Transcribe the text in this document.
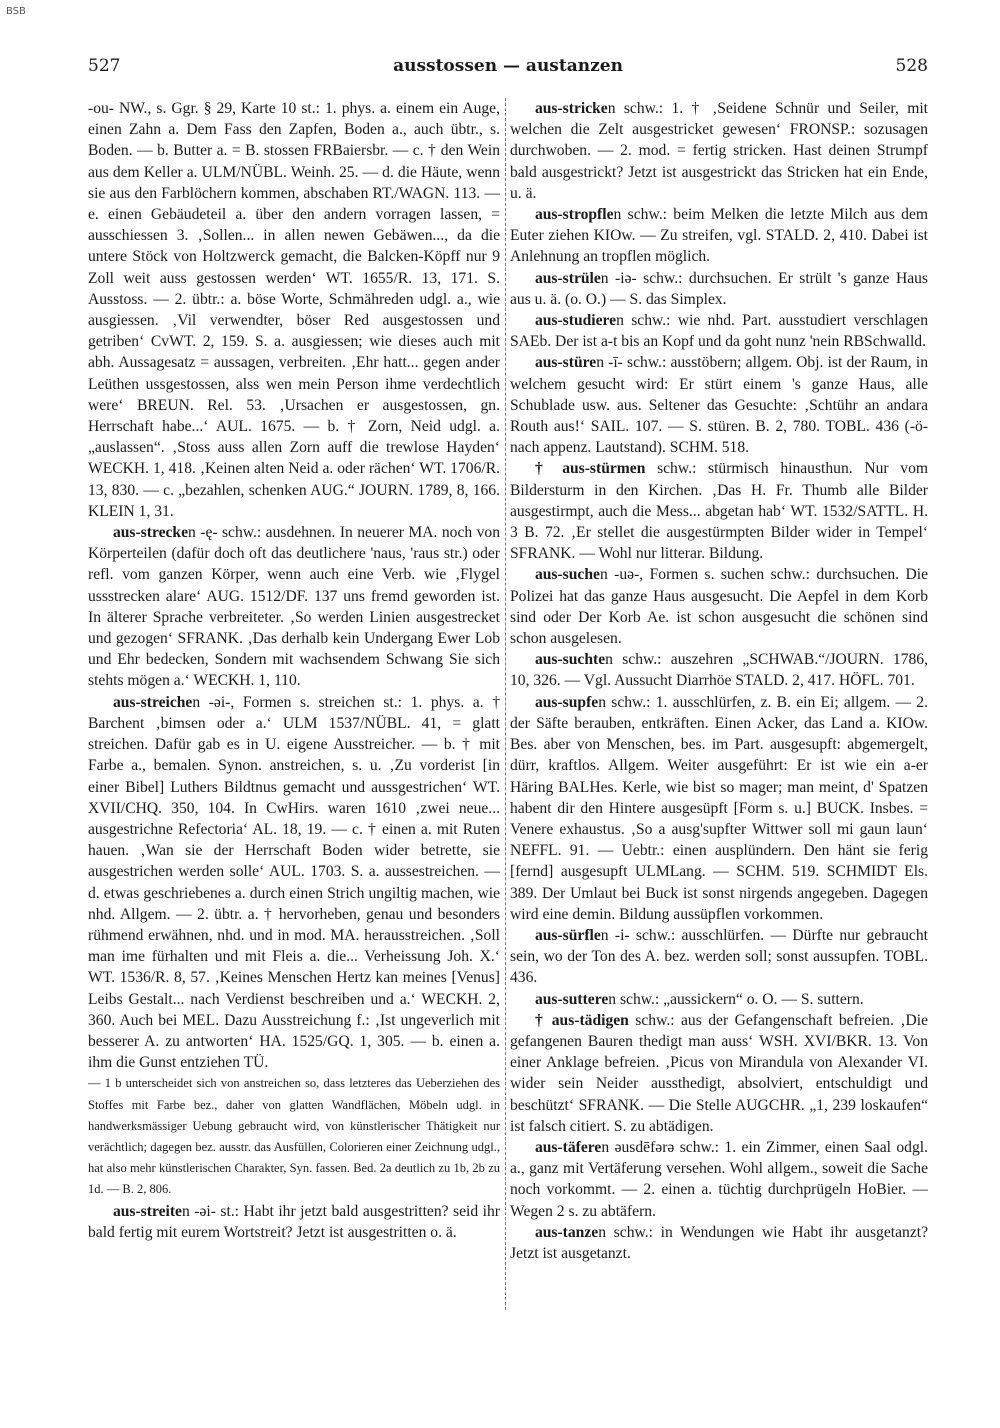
BSB
527	ausstossen — austanzen	528

-ou- NW., s. Ggr. § 29, Karte 10 st.: 1. phys. a. einem ein Auge, einen Zahn a. Dem Fass den Zapfen, Boden a., auch übtr., s. Boden. — b. Butter a. = B. stossen FRBaiersbr. — c. † den Wein aus dem Keller a. ULM/NÜBL. Weinh. 25. — d. die Häute, wenn sie aus den Farblöchern kommen, abschaben RT./WAGN. 113. — e. einen Gebäudeteil a. über den andern vorragen lassen, = ausschiessen 3. ‚Sollen... in allen newen Gebäwen..., da die untere Stöck von Holtzwerck gemacht, die Balcken-Köpff nur 9 Zoll weit auss gestossen werden‘ WT. 1655/R. 13, 171. S. Ausstoss. — 2. übtr.: a. böse Worte, Schmähreden udgl. a., wie ausgiessen. ‚Vil verwendter, böser Red ausgestossen und getriben‘ CvWT. 2, 159. S. a. ausgiessen; wie dieses auch mit abh. Aussagesatz = aussagen, verbreiten. ‚Ehr hatt... gegen ander Leüthen ussgestossen, alss wen mein Person ihme verdechtlich were‘ BREUN. Rel. 53. ‚Ursachen er ausgestossen, gn. Herrschaft habe...‘ AUL. 1675. — b. † Zorn, Neid udgl. a. „auslassen“. ‚Stoss auss allen Zorn auff die trewlose Hayden‘ WECKH. 1, 418. ‚Keinen alten Neid a. oder rächen‘ WT. 1706/R. 13, 830. — c. „bezahlen, schenken AUG.“ JOURN. 1789, 8, 166. KLEIN 1, 31.

aus-strecken -ę- schw.: ausdehnen. In neuerer MA. noch von Körperteilen (dafür doch oft das deutlichere 'naus, 'raus str.) oder refl. vom ganzen Körper, wenn auch eine Verb. wie ‚Flygel ussstrecken alare‘ AUG. 1512/DF. 137 uns fremd geworden ist. In älterer Sprache verbreiteter. ‚So werden Linien ausgestrecket und gezogen‘ SFRANK. ‚Das derhalb kein Undergang Ewer Lob und Ehr bedecken, Sondern mit wachsendem Schwang Sie sich stehts mögen a.‘ WECKH. 1, 110.

aus-streichen -əi-, Formen s. streichen st.: 1. phys. a. † Barchent ‚bimsen oder a.‘ ULM 1537/NÜBL. 41, = glatt streichen. Dafür gab es in U. eigene Ausstreicher. — b. † mit Farbe a., bemalen. Synon. anstreichen, s. u. ‚Zu vorderist [in einer Bibel] Luthers Bildtnus gemacht und aussgestrichen‘ WT. XVII/CHQ. 350, 104. In CwHirs. waren 1610 ‚zwei neue... ausgestrichne Refectoria‘ AL. 18, 19. — c. † einen a. mit Ruten hauen. ‚Wan sie der Herrschaft Boden wider betrette, sie ausgestrichen werden solle‘ AUL. 1703. S. a. aussestreichen. — d. etwas geschriebenes a. durch einen Strich ungiltig machen, wie nhd. Allgem. — 2. übtr. a. † hervorheben, genau und besonders rühmend erwähnen, nhd. und in mod. MA. herausstreichen. ‚Soll man ime fürhalten und mit Fleis a. die... Verheissung Joh. X.‘ WT. 1536/R. 8, 57. ‚Keines Menschen Hertz kan meines [Venus] Leibs Gestalt... nach Verdienst beschreiben und a.‘ WECKH. 2, 360. Auch bei MEL. Dazu Ausstreichung f.: ‚Ist ungeverlich mit besserer A. zu antworten‘ HA. 1525/GQ. 1, 305. — b. einen a. ihm die Gunst entziehen TÜ.

— 1 b unterscheidet sich von anstreichen so, dass letzteres das Ueberziehen des Stoffes mit Farbe bez., daher von glatten Wandflächen, Möbeln udgl. in handwerksmässiger Uebung gebraucht wird, von künstlerischer Thätigkeit nur verächtlich; dagegen bez. ausstr. das Ausfüllen, Colorieren einer Zeichnung udgl., hat also mehr künstlerischen Charakter, Syn. fassen. Bed. 2a deutlich zu 1b, 2b zu 1d. — B. 2, 806.

aus-streiten -əi- st.: Habt ihr jetzt bald ausgestritten? seid ihr bald fertig mit eurem Wortstreit? Jetzt ist ausgestritten o. ä.

aus-stricken schw.: 1. † ‚Seidene Schnür und Seiler, mit welchen die Zelt ausgestricket gewesen‘ FRONSP.: sozusagen durchwoben. — 2. mod. = fertig stricken. Hast deinen Strumpf bald ausgestrickt? Jetzt ist ausgestrickt das Stricken hat ein Ende, u. ä.

aus-stropflen schw.: beim Melken die letzte Milch aus dem Euter ziehen KIOw. — Zu streifen, vgl. STALD. 2, 410. Dabei ist Anlehnung an tropflen möglich.

aus-strülen -iə- schw.: durchsuchen. Er strült 's ganze Haus aus u. ä. (o. O.) — S. das Simplex.

aus-studieren schw.: wie nhd. Part. ausstudiert verschlagen SAEb. Der ist a-t bis an Kopf und da goht nunz 'nein RBSchwalld.

aus-stüren -ī- schw.: ausstöbern; allgem. Obj. ist der Raum, in welchem gesucht wird: Er stürt einem 's ganze Haus, alle Schublade usw. aus. Seltener das Gesuchte: ‚Schtühr an andara Routh aus!‘ SAIL. 107. — S. stüren. B. 2, 780. TOBL. 436 (-ö- nach appenz. Lautstand). SCHM. 518.

† aus-stürmen schw.: stürmisch hinausthun. Nur vom Bildersturm in den Kirchen. ‚Das H. Fr. Thumb alle Bilder ausgestirmpt, auch die Mess... abgetan hab‘ WT. 1532/SATTL. H. 3 B. 72. ‚Er stellet die ausgestürmpten Bilder wider in Tempel‘ SFRANK. — Wohl nur litterar. Bildung.

aus-suchen -uə-, Formen s. suchen schw.: durchsuchen. Die Polizei hat das ganze Haus ausgesucht. Die Aepfel in dem Korb sind oder Der Korb Ae. ist schon ausgesucht die schönen sind schon ausgelesen.

aus-suchten schw.: auszehren „SCHWAB.“/JOURN. 1786, 10, 326. — Vgl. Aussucht Diarrhöe STALD. 2, 417. HÖFL. 701.

aus-supfen schw.: 1. ausschlürfen, z. B. ein Ei; allgem. — 2. der Säfte berauben, entkräften. Einen Acker, das Land a. KIOw. Bes. aber von Menschen, bes. im Part. ausgesupft: abgemergelt, dürr, kraftlos. Allgem. Weiter ausgeführt: Er ist wie ein a-er Häring BALHes. Kerle, wie bist so mager; man meint, d' Spatzen habent dir den Hintere ausgesüpft [Form s. u.] BUCK. Insbes. = Venere exhaustus. ‚So a ausg'supfter Wittwer soll mi gaun laun‘ NEFFL. 91. — Uebtr.: einen ausplündern. Den hänt sie ferig [fernd] ausgesupft ULMLang. — SCHM. 519. SCHMIDT Els. 389. Der Umlaut bei Buck ist sonst nirgends angegeben. Dagegen wird eine demin. Bildung aussüpflen vorkommen.

aus-sürflen -i- schw.: ausschlürfen. — Dürfte nur gebraucht sein, wo der Ton des A. bez. werden soll; sonst aussupfen. TOBL. 436.

aus-sutteren schw.: „aussickern“ o. O. — S. suttern.

† aus-tädigen schw.: aus der Gefangenschaft befreien. ‚Die gefangenen Bauren thedigt man auss‘ WSH. XVI/BKR. 13. Von einer Anklage befreien. ‚Picus von Mirandula von Alexander VI. wider sein Neider aussthedigt, absolviert, entschuldigt und beschützt‘ SFRANK. — Die Stelle AUGCHR. „1, 239 loskaufen“ ist falsch citiert. S. zu abtädigen.

aus-täferen əusdēfərə schw.: 1. ein Zimmer, einen Saal odgl. a., ganz mit Vertäferung versehen. Wohl allgem., soweit die Sache noch vorkommt. — 2. einen a. tüchtig durchprügeln HoBier. — Wegen 2 s. zu abtäfern.

aus-tanzen schw.: in Wendungen wie Habt ihr ausgetanzt? Jetzt ist ausgetanzt.
